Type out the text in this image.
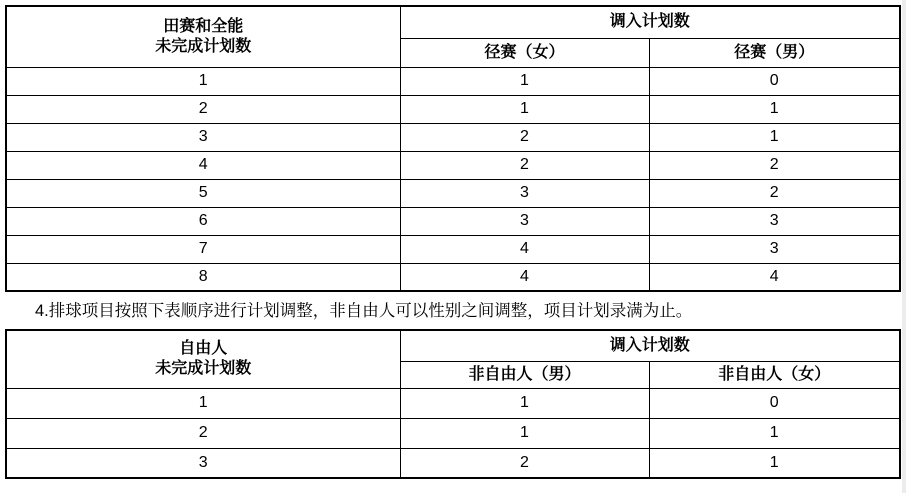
田赛和全能
未完成计划数	调入计划数	
	径赛（女）	径赛（男）
1	1	0
2	1	1
3	2	1
4	2	2
5	3	2
6	3	3
7	4	3
8	4	4
4.排球项目按照下表顺序进行计划调整，非自由人可以性别之间调整，项目计划录满为止。
自由人
未完成计划数	调入计划数	
	非自由人（男）	非自由人（女）
1	1	0
2	1	1
3	2	1
